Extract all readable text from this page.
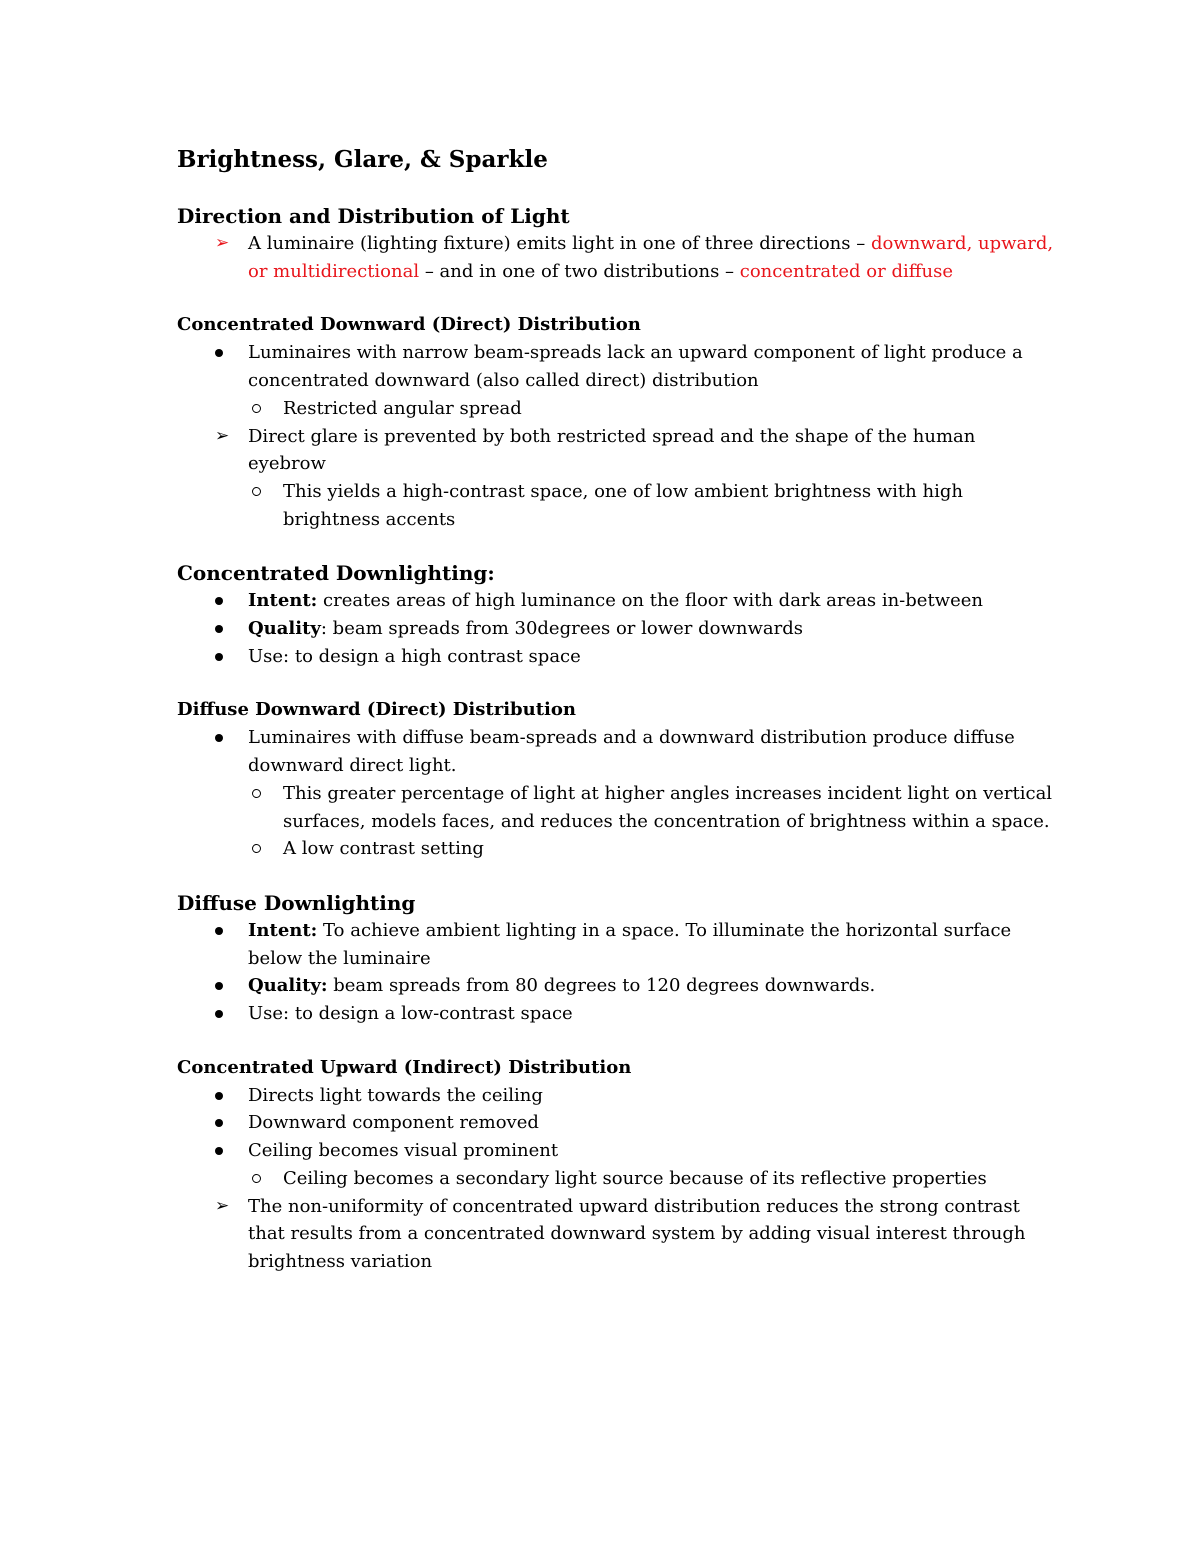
Brightness, Glare, & Sparkle
Direction and Distribution of Light
➢ A luminaire (lighting fixture) emits light in one of three directions – downward, upward, or multidirectional – and in one of two distributions – concentrated or diffuse
Concentrated Downward (Direct) Distribution
Luminaires with narrow beam-spreads lack an upward component of light produce a concentrated downward (also called direct) distribution
Restricted angular spread
➢ Direct glare is prevented by both restricted spread and the shape of the human eyebrow
This yields a high-contrast space, one of low ambient brightness with high brightness accents
Concentrated Downlighting:
Intent: creates areas of high luminance on the floor with dark areas in-between
Quality: beam spreads from 30degrees or lower downwards
Use: to design a high contrast space
Diffuse Downward (Direct) Distribution
Luminaires with diffuse beam-spreads and a downward distribution produce diffuse downward direct light.
This greater percentage of light at higher angles increases incident light on vertical surfaces, models faces, and reduces the concentration of brightness within a space.
A low contrast setting
Diffuse Downlighting
Intent: To achieve ambient lighting in a space. To illuminate the horizontal surface below the luminaire
Quality: beam spreads from 80 degrees to 120 degrees downwards.
Use: to design a low-contrast space
Concentrated Upward (Indirect) Distribution
Directs light towards the ceiling
Downward component removed
Ceiling becomes visual prominent
Ceiling becomes a secondary light source because of its reflective properties
➢ The non-uniformity of concentrated upward distribution reduces the strong contrast that results from a concentrated downward system by adding visual interest through brightness variation
